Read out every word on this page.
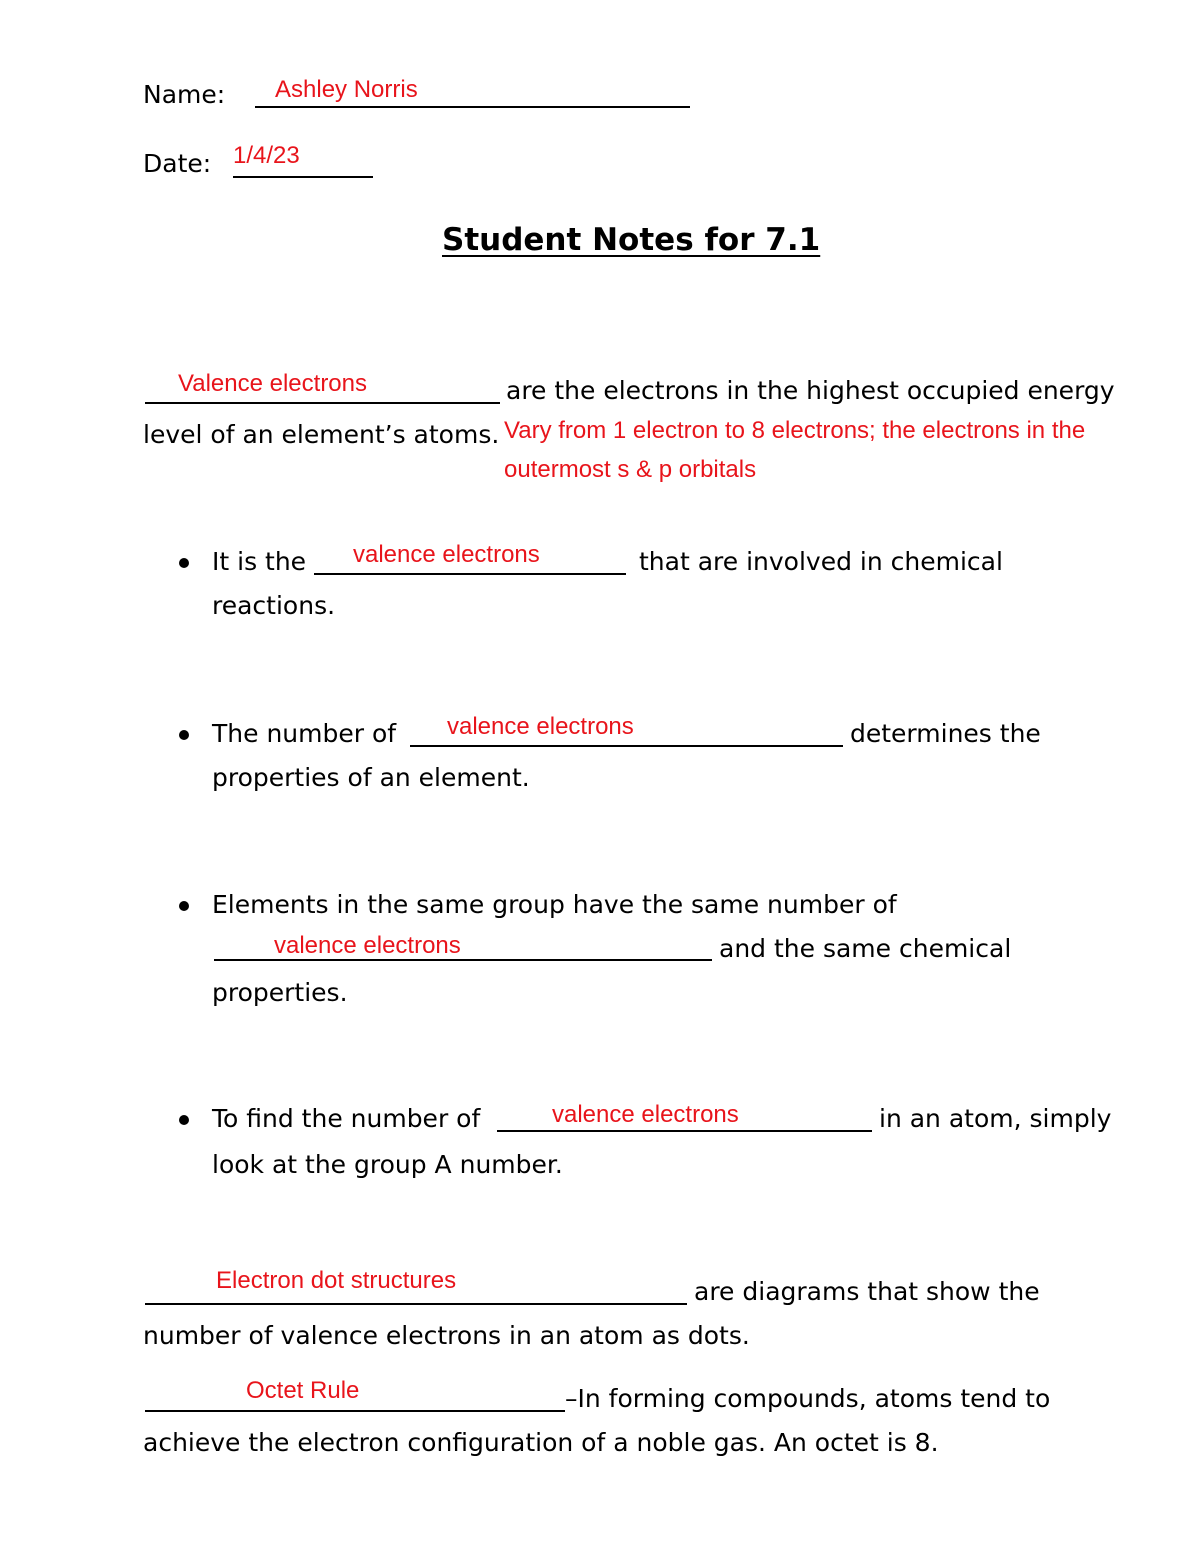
Name: Ashley Norris
Date: 1/4/23
Student Notes for 7.1
Valence electrons	are the electrons in the highest occupied energy
level of an element’s atoms. Vary from 1 electron to 8 electrons; the electrons in the
outermost s & p orbitals
It is the valence electrons	that are involved in chemical
reactions.
The number of valence electrons	determines the
properties of an element.
Elements in the same group have the same number of
valence electrons	and the same chemical
properties.
To find the number of	valence electrons	in an atom, simply
look at the group A number.
Electron dot structures	are diagrams that show the
number of valence electrons in an atom as dots.
Octet Rule	–In forming compounds, atoms tend to
achieve the electron configuration of a noble gas. An octet is 8.
